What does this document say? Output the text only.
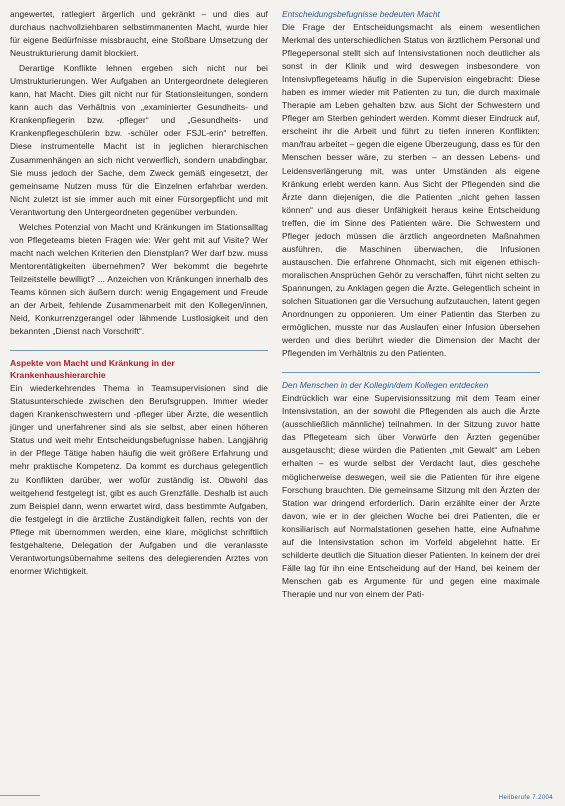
angewertet, ratlegiert ärgerlich und gekränkt – und dies auf durchaus nachvollziehbaren selbstimmanenten Macht, wurde hier für eigene Bedürfnisse missbraucht, eine Stoßbare Umsetzung der Neustrukturierung damit blockiert.

Derartige Konflikte lehnen ergeben sich nicht nur bei Umstrukturierungen. Wer Aufgaben an Untergeordnete delegieren kann, hat Macht. Dies gilt nicht nur für Stationsleitungen, sondern kann auch das Verhältnis von „examinierter Gesundheits- und Krankenpflegerin bzw. -pfleger“ und „Gesundheits- und Krankenpflegeschülerin bzw. -schüler oder FSJL-erin“ betreffen. Diese instrumentelle Macht ist in jeglichen hierarchischen Zusammenhängen an sich nicht verwerflich, sondern unabdingbar. Sie muss jedoch der Sache, dem Zweck gemäß eingesetzt, der gemeinsame Nutzen muss für die Einzelnen erfahrbar werden. Nicht zuletzt ist sie immer auch mit einer Fürsorgepflicht und mit Verantwortung den Untergeordneten gegenüber verbunden.

Welches Potenzial von Macht und Kränkungen im Stationsalltag von Pflegeteams bieten Fragen wie: Wer geht mit auf Visite? Wer macht nach welchen Kriterien den Dienstplan? Wer darf bzw. muss Mentorentätigkeiten übernehmen? Wer bekommt die begehrte Teilzeitstelle bewilligt? ... Anzeichen von Kränkungen innerhalb des Teams können sich äußern durch: wenig Engagement und Freude an der Arbeit, fehlende Zusammenarbeit mit den Kollegen/innen, Neid, Konkurrenzgerangel oder lähmende Lustlosigkeit und den bekannten „Dienst nach Vorschrift“.

Aspekte von Macht und Kränkung in der Krankenhaushierarchie

Ein wiederkehrendes Thema in Teamsupervisionen sind die Statusunterschiede zwischen den Berufsgruppen. Immer wieder dagen Krankenschwestern und -pfleger über Ärzte, die wesentlich jünger und unerfahrener sind als sie selbst, aber einen höheren Status und weit mehr Entscheidungsbefugnisse haben. Langjährig in der Pflege Tätige haben häufig die weit größere Erfahrung und mehr praktische Kompetenz. Da kommt es durchaus gelegentlich zu Konflikten darüber, wer wofür zuständig ist. Obwohl das weitgehend festgelegt ist, gibt es auch Grenzfälle. Deshalb ist auch zum Beispiel dann, wenn erwartet wird, dass bestimmte Aufgaben, die festgelegt in die ärztliche Zuständigkeit fallen, rechts von der Pflege mit übernommen werden, eine klare, möglichst schriftlich festgehaltene, Delegation der Aufgaben und die veranlasste Verantwortungsübernahme seitens des delegierenden Arztes von enormer Wichtigkeit.

Entscheidungsbefugnisse bedeuten Macht

Die Frage der Entscheidungsmacht als einem wesentlichen Merkmal des unterschiedlichen Status von ärztlichem Personal und Pflegepersonal stellt sich auf Intensivstationen noch deutlicher als sonst in der Klinik und wird deswegen insbesondere von Intensivpflegeteams häufig in die Supervision eingebracht: Diese haben es immer wieder mit Patienten zu tun, die durch maximale Therapie am Leben gehalten bzw. aus Sicht der Schwestern und Pfleger am Sterben gehindert werden. Kommt dieser Eindruck auf, erscheint ihr die Arbeit und führt zu tiefen inneren Konflikten: man/frau arbeitet – gegen die eigene Überzeugung, dass es für den Menschen besser wäre, zu sterben – an dessen Lebens- und Leidensverlängerung mit, was unter Umständen als eigene Kränkung erlebt werden kann. Aus Sicht der Pflegenden sind die Ärzte dann diejenigen, die die Patienten „nicht gehen lassen können“ und aus dieser Unfähigkeit heraus keine Entscheidung treffen, die im Sinne des Patienten wäre. Die Schwestern und Pfleger jedoch müssen die ärztlich angeordneten Maßnahmen ausführen, die Maschinen überwachen, die Infusionen austauschen. Die erfahrene Ohnmacht, sich mit eigenen ethisch-moralischen Ansprüchen Gehör zu verschaffen, führt nicht selten zu Spannungen, zu Anklagen gegen die Ärzte. Gelegentlich scheint in solchen Situationen gar die Versuchung aufzutauchen, latent gegen Anordnungen zu opponieren. Um einer Patientin das Sterben zu ermöglichen, musste nur das Auslaufen einer Infusion übersehen werden und dies berührt wieder die Dimension der Macht der Pflegenden im Verhältnis zu den Patienten.

Den Menschen in der Kollegin/dem Kollegen entdecken

Eindrücklich war eine Supervisionssitzung mit dem Team einer Intensivstation, an der sowohl die Pflegenden als auch die Ärzte (ausschließlich männliche) teilnahmen. In der Sitzung zuvor hatte das Pflegeteam sich über Vorwürfe den Ärzten gegenüber ausgetauscht; diese würden die Patienten „mit Gewalt“ am Leben erhalten – es wurde selbst der Verdacht laut, dies geschehe möglicherweise deswegen, weil sie die Patienten für ihre eigene Forschung brauchten. Die gemeinsame Sitzung mit den Ärzten der Station war dringend erforderlich. Darin erzählte einer der Ärzte davon, wie er in der gleichen Woche bei drei Patienten, die er konsiliarisch auf Normalstationen gesehen hatte, eine Aufnahme auf die Intensivstation schon im Vorfeld abgelehnt hatte. Er schilderte deutlich die Situation dieser Patienten. In keinem der drei Fälle lag für ihn eine Entscheidung auf der Hand, bei keinem der Menschen gab es Argumente für und gegen eine maximale Therapie und nur von einem der Pati-

Heilberufe 7.2004
